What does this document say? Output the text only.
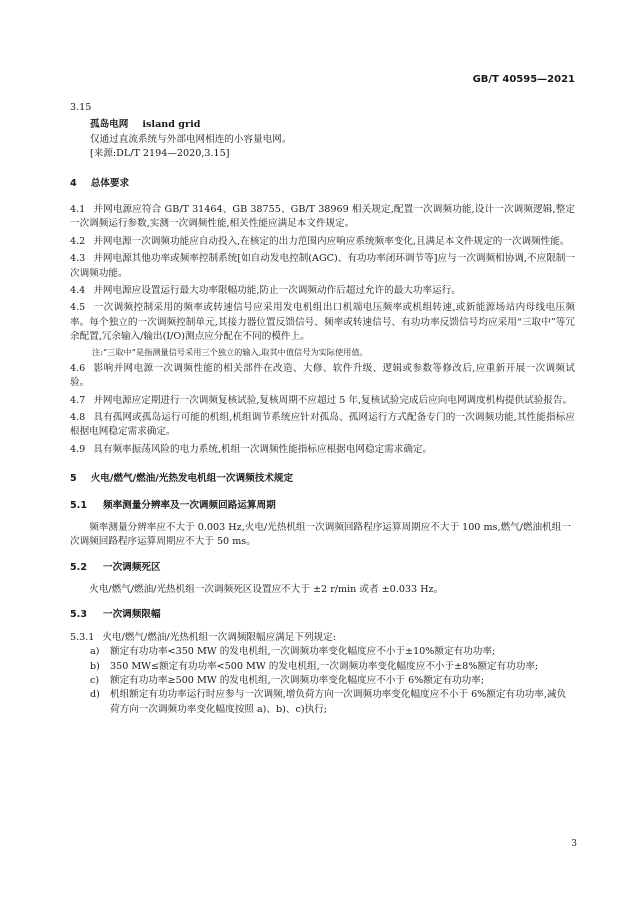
GB/T 40595—2021
3.15
孤岛电网 island grid
仅通过直流系统与外部电网相连的小容量电网。
[来源:DL/T 2194—2020,3.15]
4 总体要求
4.1 并网电源应符合 GB/T 31464、GB 38755、GB/T 38969 相关规定,配置一次调频功能,设计一次调频逻辑,整定一次调频运行参数,实测一次调频性能,相关性能应满足本文件规定。
4.2 并网电源一次调频功能应自动投入,在核定的出力范围内应响应系统频率变化,且满足本文件规定的一次调频性能。
4.3 并网电源其他功率或频率控制系统[如自动发电控制(AGC)、有功功率闭环调节等]应与一次调频相协调,不应限制一次调频功能。
4.4 并网电源应设置运行最大功率限幅功能,防止一次调频动作后超过允许的最大功率运行。
4.5 一次调频控制采用的频率或转速信号应采用发电机组出口机端电压频率或机组转速,或新能源场站内母线电压频率。每个独立的一次调频控制单元,其接力器位置反馈信号、频率或转速信号、有功功率反馈信号均应采用“三取中”等冗余配置,冗余输入/输出(I/O)测点应分配在不同的模件上。
注:“三取中”是指测量信号采用三个独立的输入,取其中值信号为实际使用值。
4.6 影响并网电源一次调频性能的相关部件在改造、大修、软件升级、逻辑或参数等修改后,应重新开展一次调频试验。
4.7 并网电源应定期进行一次调频复核试验,复核周期不应超过 5 年,复核试验完成后应向电网调度机构提供试验报告。
4.8 具有孤网或孤岛运行可能的机组,机组调节系统应针对孤岛、孤网运行方式配备专门的一次调频功能,其性能指标应根据电网稳定需求确定。
4.9 具有频率振荡风险的电力系统,机组一次调频性能指标应根据电网稳定需求确定。
5 火电/燃气/燃油/光热发电机组一次调频技术规定
5.1 频率测量分辨率及一次调频回路运算周期
频率测量分辨率应不大于 0.003 Hz,火电/光热机组一次调频回路程序运算周期应不大于 100 ms,燃气/燃油机组一次调频回路程序运算周期应不大于 50 ms。
5.2 一次调频死区
火电/燃气/燃油/光热机组一次调频死区设置应不大于 ±2 r/min 或者 ±0.033 Hz。
5.3 一次调频限幅
5.3.1 火电/燃气/燃油/光热机组一次调频限幅应满足下列规定:
a) 额定有功功率<350 MW 的发电机组,一次调频功率变化幅度应不小于±10%额定有功功率;
b) 350 MW≤额定有功功率<500 MW 的发电机组,一次调频功率变化幅度应不小于±8%额定有功功率;
c) 额定有功功率≥500 MW 的发电机组,一次调频功率变化幅度应不小于 6%额定有功功率;
d) 机组额定有功功率运行时应参与一次调频,增负荷方向一次调频功率变化幅度应不小于 6%额定有功功率,减负荷方向一次调频功率变化幅度按照 a)、b)、c)执行;
3
